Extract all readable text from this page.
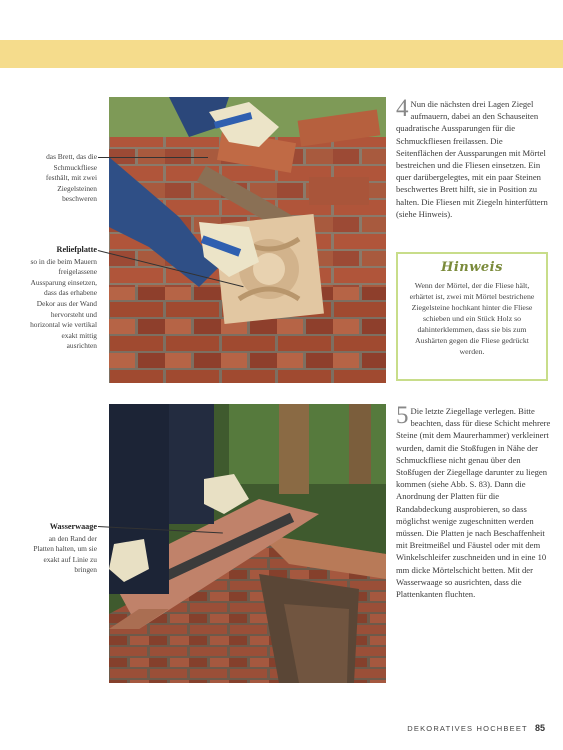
das Brett, das die Schmuckfliese festhält, mit zwei Ziegelsteinen beschweren
Reliefplatte
so in die beim Mauern freigelassene Aussparung einsetzen, dass das erhabene Dekor aus der Wand hervorsteht und horizontal wie vertikal exakt mittig ausrichten
Wasserwaage
an den Rand der Platten halten, um sie exakt auf Linie zu bringen
4 Nun die nächsten drei Lagen Ziegel aufmauern, dabei an den Schauseiten quadratische Aussparungen für die Schmuckfliesen freilassen. Die Seitenflächen der Aussparungen mit Mörtel bestreichen und die Fliesen einsetzen. Ein quer darübergelegtes, mit ein paar Steinen beschwertes Brett hilft, sie in Position zu halten. Die Fliesen mit Ziegeln hinterfüttern (siehe Hinweis).
Hinweis
Wenn der Mörtel, der die Fliese hält, erhärtet ist, zwei mit Mörtel bestrichene Ziegelsteine hochkant hinter die Fliese schieben und ein Stück Holz so dahinterklemmen, dass sie bis zum Aushärten gegen die Fliese gedrückt werden.
5 Die letzte Ziegellage verlegen. Bitte beachten, dass für diese Schicht mehrere Steine (mit dem Maurerhammer) verkleinert wurden, damit die Stoßfugen in Nähe der Schmuckfliese nicht genau über den Stoßfugen der Ziegellage darunter zu liegen kommen (siehe Abb. S. 83). Dann die Anordnung der Platten für die Randabdeckung ausprobieren, so dass möglichst wenige zugeschnitten werden müssen. Die Platten je nach Beschaffenheit mit Breitmeißel und Fäustel oder mit dem Winkelschleifer zuschneiden und in eine 10 mm dicke Mörtelschicht betten. Mit der Wasserwaage so ausrichten, dass die Plattenkanten fluchten.
DEKORATIVES HOCHBEET 85
